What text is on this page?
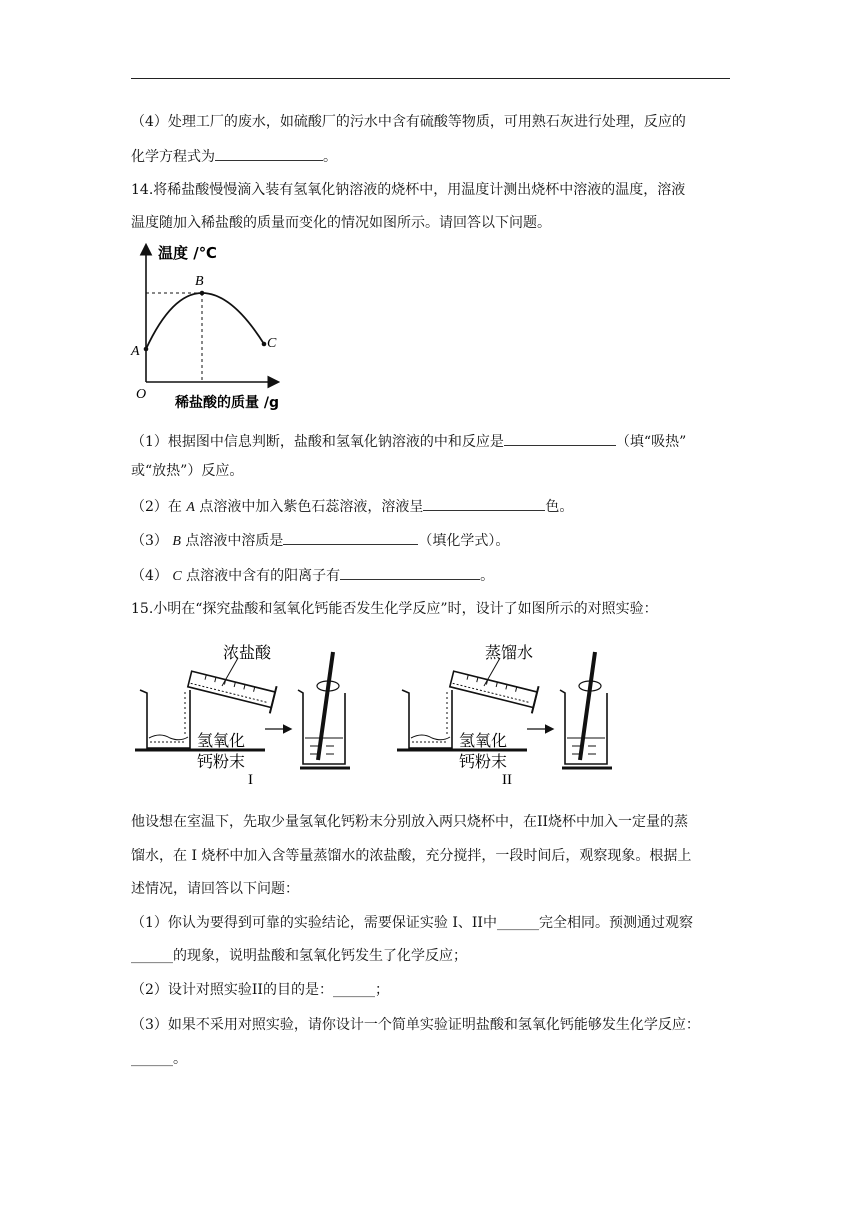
（4）处理工厂的废水，如硫酸厂的污水中含有硫酸等物质，可用熟石灰进行处理，反应的
化学方程式为	。
14.将稀盐酸慢慢滴入装有氢氧化钠溶液的烧杯中，用温度计测出烧杯中溶液的温度，溶液
温度随加入稀盐酸的质量而变化的情况如图所示。请回答以下问题。
温度 /℃
稀盐酸的质量 /g
O
A
B
C
（1）根据图中信息判断，盐酸和氢氧化钠溶液的中和反应是	（填“吸热”
或“放热”）反应。
（2）在 A 点溶液中加入紫色石蕊溶液，溶液呈	色。
（3） B 点溶液中溶质是	（填化学式）。
（4） C 点溶液中含有的阳离子有	。
15.小明在“探究盐酸和氢氧化钙能否发生化学反应”时，设计了如图所示的对照实验：
浓盐酸
氢氧化
钙粉末
I
蒸馏水
氢氧化
钙粉末
II
他设想在室温下，先取少量氢氧化钙粉末分别放入两只烧杯中，在II烧杯中加入一定量的蒸
馏水，在 I 烧杯中加入含等量蒸馏水的浓盐酸，充分搅拌，一段时间后，观察现象。根据上
述情况，请回答以下问题：
（1）你认为要得到可靠的实验结论，需要保证实验 I、II中______完全相同。预测通过观察
______的现象，说明盐酸和氢氧化钙发生了化学反应；
（2）设计对照实验II的目的是：______；
（3）如果不采用对照实验，请你设计一个简单实验证明盐酸和氢氧化钙能够发生化学反应：
______。
